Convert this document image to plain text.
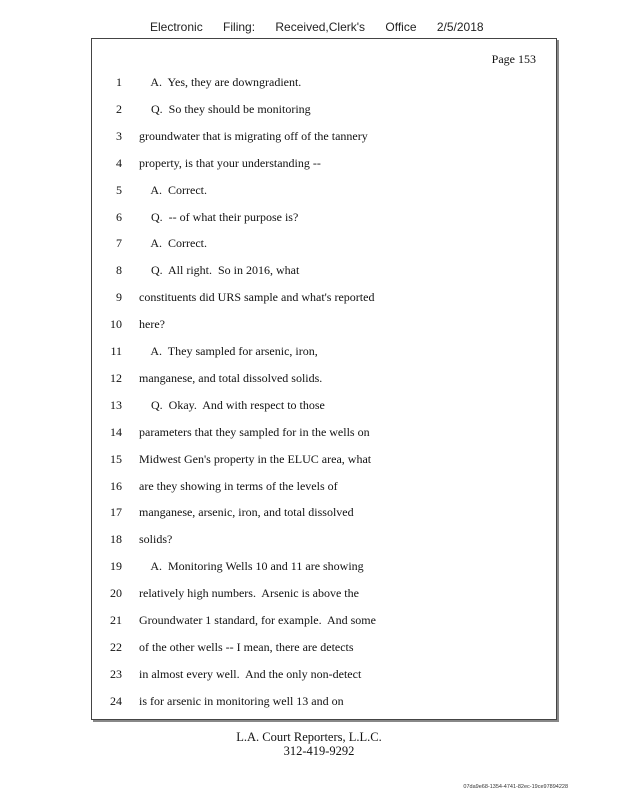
Electronic Filing: Received,Clerk's Office 2/5/2018
Page 153
1 A.  Yes, they are downgradient.
2 Q.  So they should be monitoring
3 groundwater that is migrating off of the tannery
4 property, is that your understanding --
5 A.  Correct.
6 Q.  -- of what their purpose is?
7 A.  Correct.
8 Q.  All right.  So in 2016, what
9 constituents did URS sample and what's reported
10 here?
11 A.  They sampled for arsenic, iron,
12 manganese, and total dissolved solids.
13 Q.  Okay.  And with respect to those
14 parameters that they sampled for in the wells on
15 Midwest Gen's property in the ELUC area, what
16 are they showing in terms of the levels of
17 manganese, arsenic, iron, and total dissolved
18 solids?
19 A.  Monitoring Wells 10 and 11 are showing
20 relatively high numbers.  Arsenic is above the
21 Groundwater 1 standard, for example.  And some
22 of the other wells -- I mean, there are detects
23 in almost every well.  And the only non-detect
24 is for arsenic in monitoring well 13 and on
L.A. Court Reporters, L.L.C.
312-419-9292
07da9e68-1354-4741-82ec-19ce97894228
